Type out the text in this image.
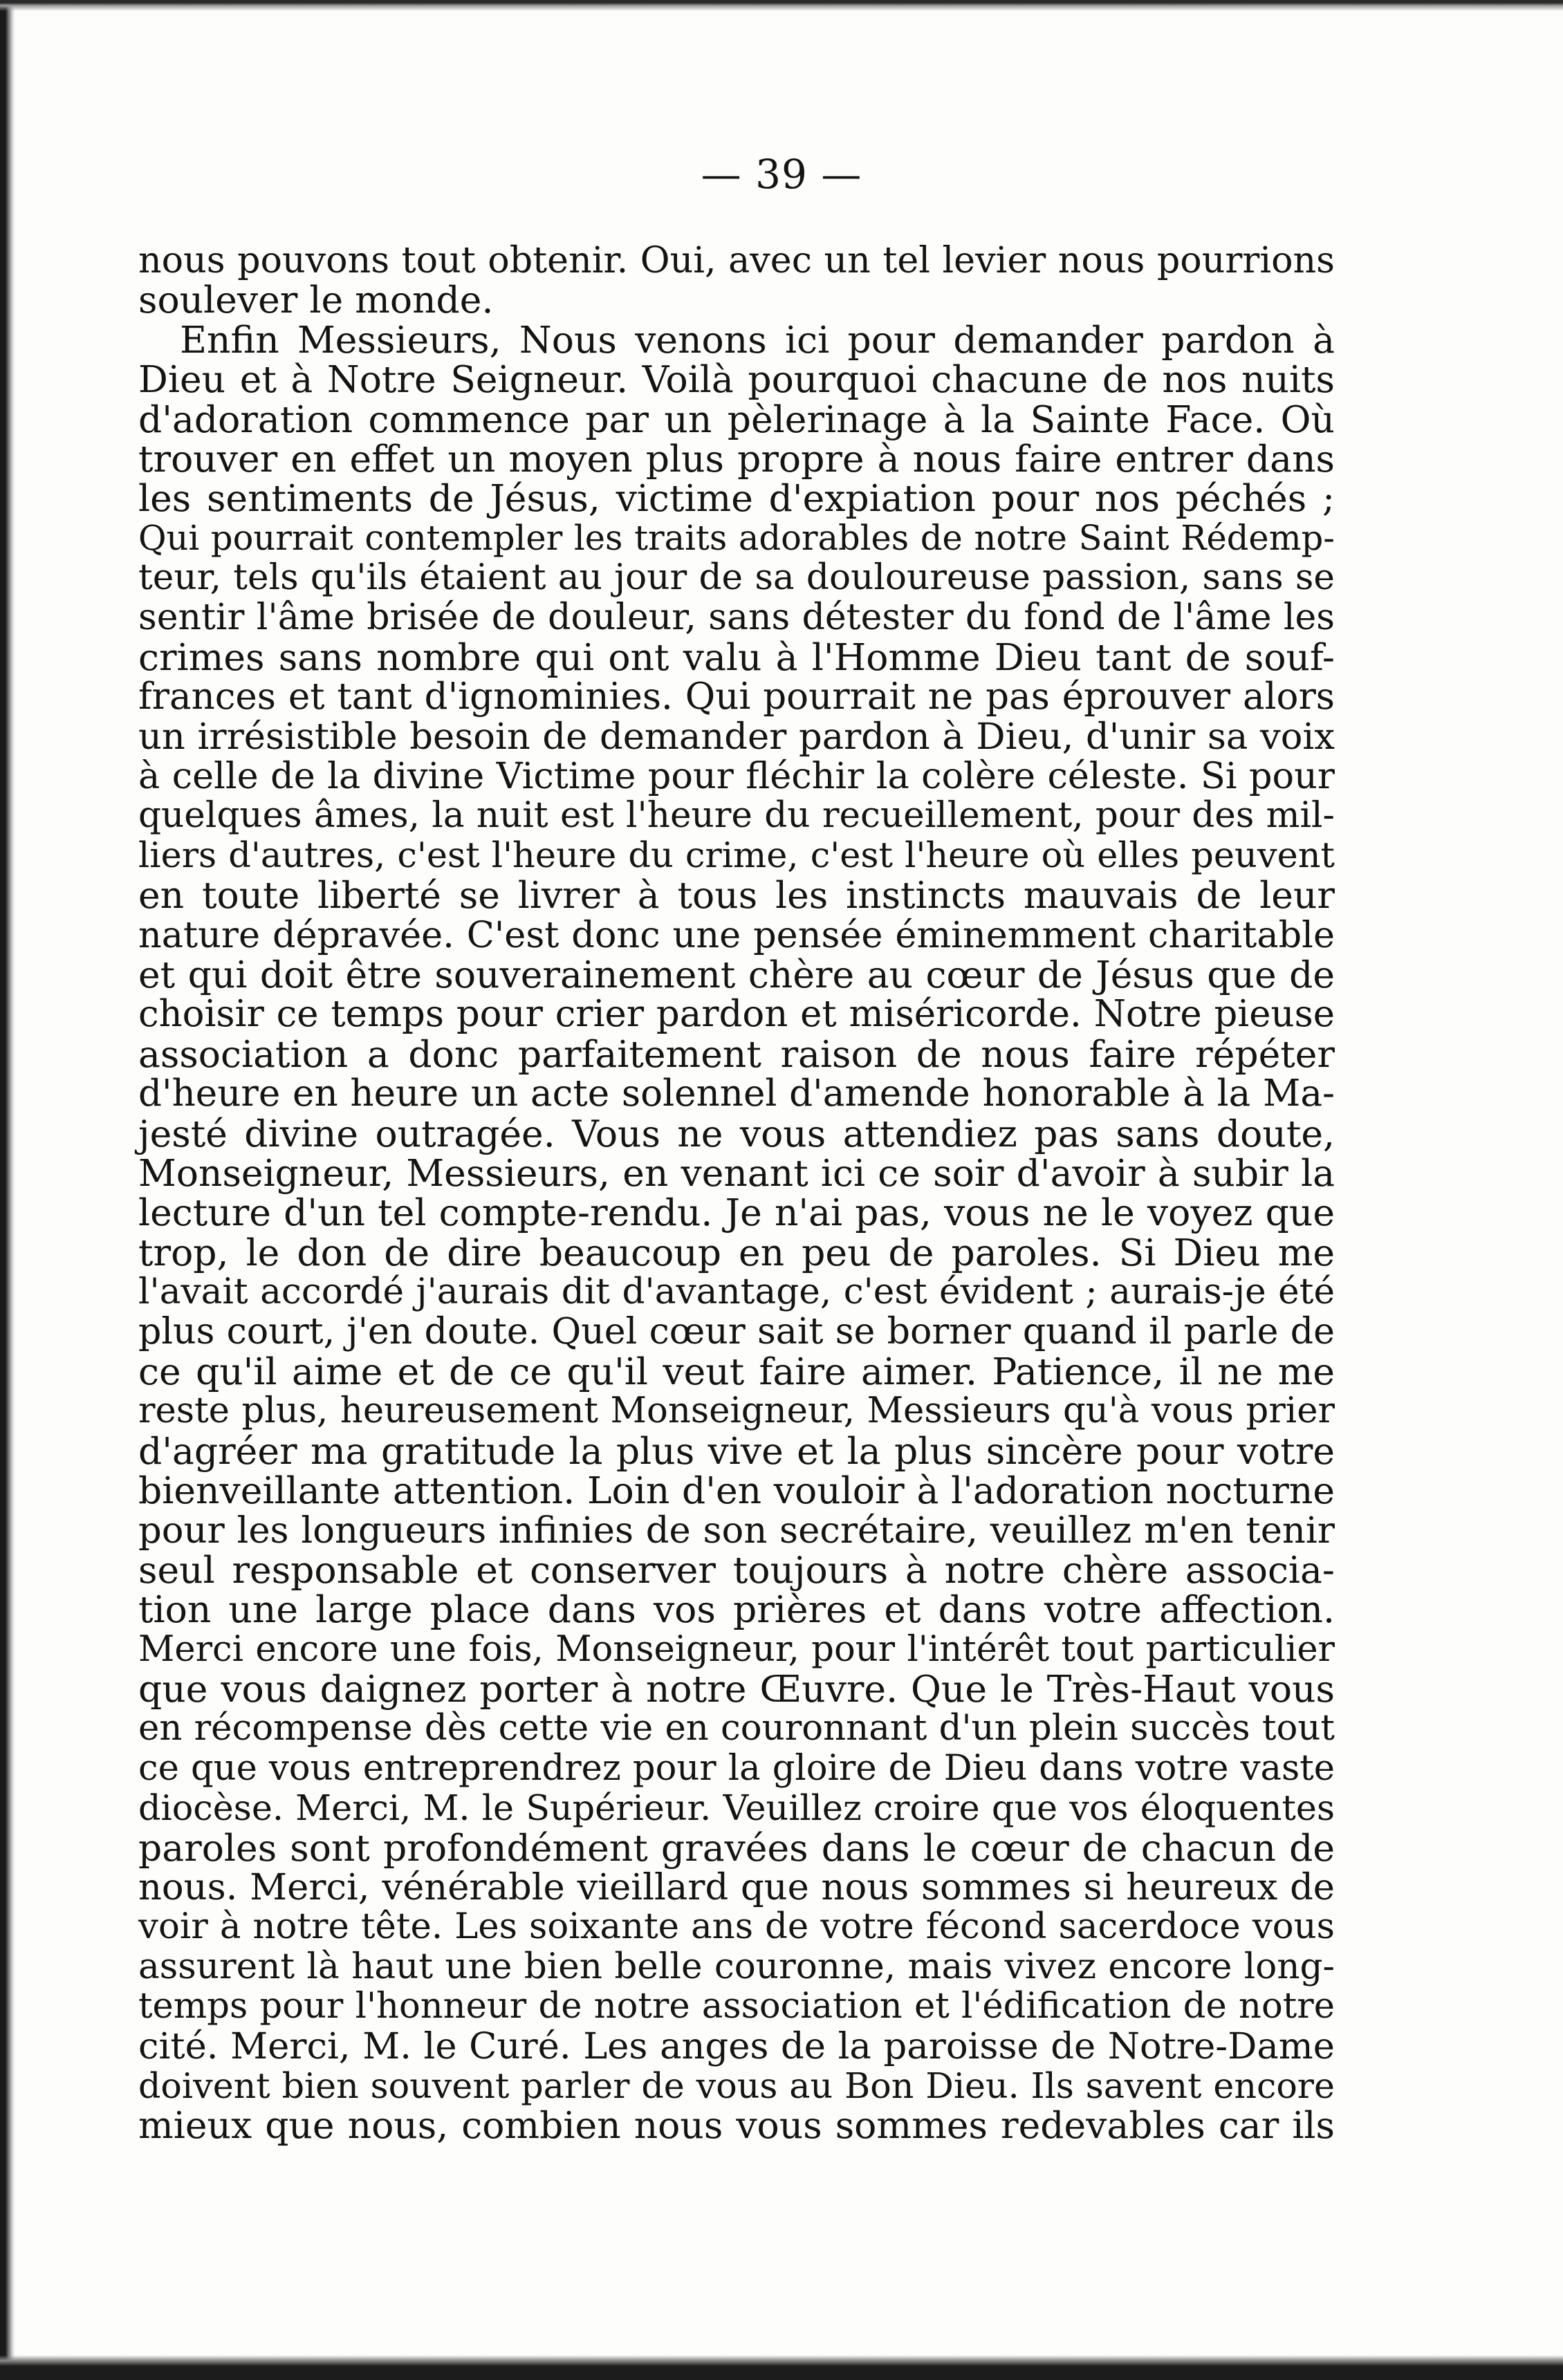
— 39 —
nous pouvons tout obtenir. Oui, avec un tel levier nous pourrions
soulever le monde.
Enfin Messieurs, Nous venons ici pour demander pardon à
Dieu et à Notre Seigneur. Voilà pourquoi chacune de nos nuits
d'adoration commence par un pèlerinage à la Sainte Face. Où
trouver en effet un moyen plus propre à nous faire entrer dans
les sentiments de Jésus, victime d'expiation pour nos péchés ;
Qui pourrait contempler les traits adorables de notre Saint Rédemp-
teur, tels qu'ils étaient au jour de sa douloureuse passion, sans se
sentir l'âme brisée de douleur, sans détester du fond de l'âme les
crimes sans nombre qui ont valu à l'Homme Dieu tant de souf-
frances et tant d'ignominies. Qui pourrait ne pas éprouver alors
un irrésistible besoin de demander pardon à Dieu, d'unir sa voix
à celle de la divine Victime pour fléchir la colère céleste. Si pour
quelques âmes, la nuit est l'heure du recueillement, pour des mil-
liers d'autres, c'est l'heure du crime, c'est l'heure où elles peuvent
en toute liberté se livrer à tous les instincts mauvais de leur
nature dépravée. C'est donc une pensée éminemment charitable
et qui doit être souverainement chère au cœur de Jésus que de
choisir ce temps pour crier pardon et miséricorde. Notre pieuse
association a donc parfaitement raison de nous faire répéter
d'heure en heure un acte solennel d'amende honorable à la Ma-
jesté divine outragée. Vous ne vous attendiez pas sans doute,
Monseigneur, Messieurs, en venant ici ce soir d'avoir à subir la
lecture d'un tel compte-rendu. Je n'ai pas, vous ne le voyez que
trop, le don de dire beaucoup en peu de paroles. Si Dieu me
l'avait accordé j'aurais dit d'avantage, c'est évident ; aurais-je été
plus court, j'en doute. Quel cœur sait se borner quand il parle de
ce qu'il aime et de ce qu'il veut faire aimer. Patience, il ne me
reste plus, heureusement Monseigneur, Messieurs qu'à vous prier
d'agréer ma gratitude la plus vive et la plus sincère pour votre
bienveillante attention. Loin d'en vouloir à l'adoration nocturne
pour les longueurs infinies de son secrétaire, veuillez m'en tenir
seul responsable et conserver toujours à notre chère associa-
tion une large place dans vos prières et dans votre affection.
Merci encore une fois, Monseigneur, pour l'intérêt tout particulier
que vous daignez porter à notre Œuvre. Que le Très-Haut vous
en récompense dès cette vie en couronnant d'un plein succès tout
ce que vous entreprendrez pour la gloire de Dieu dans votre vaste
diocèse. Merci, M. le Supérieur. Veuillez croire que vos éloquentes
paroles sont profondément gravées dans le cœur de chacun de
nous. Merci, vénérable vieillard que nous sommes si heureux de
voir à notre tête. Les soixante ans de votre fécond sacerdoce vous
assurent là haut une bien belle couronne, mais vivez encore long-
temps pour l'honneur de notre association et l'édification de notre
cité. Merci, M. le Curé. Les anges de la paroisse de Notre-Dame
doivent bien souvent parler de vous au Bon Dieu. Ils savent encore
mieux que nous, combien nous vous sommes redevables car ils
